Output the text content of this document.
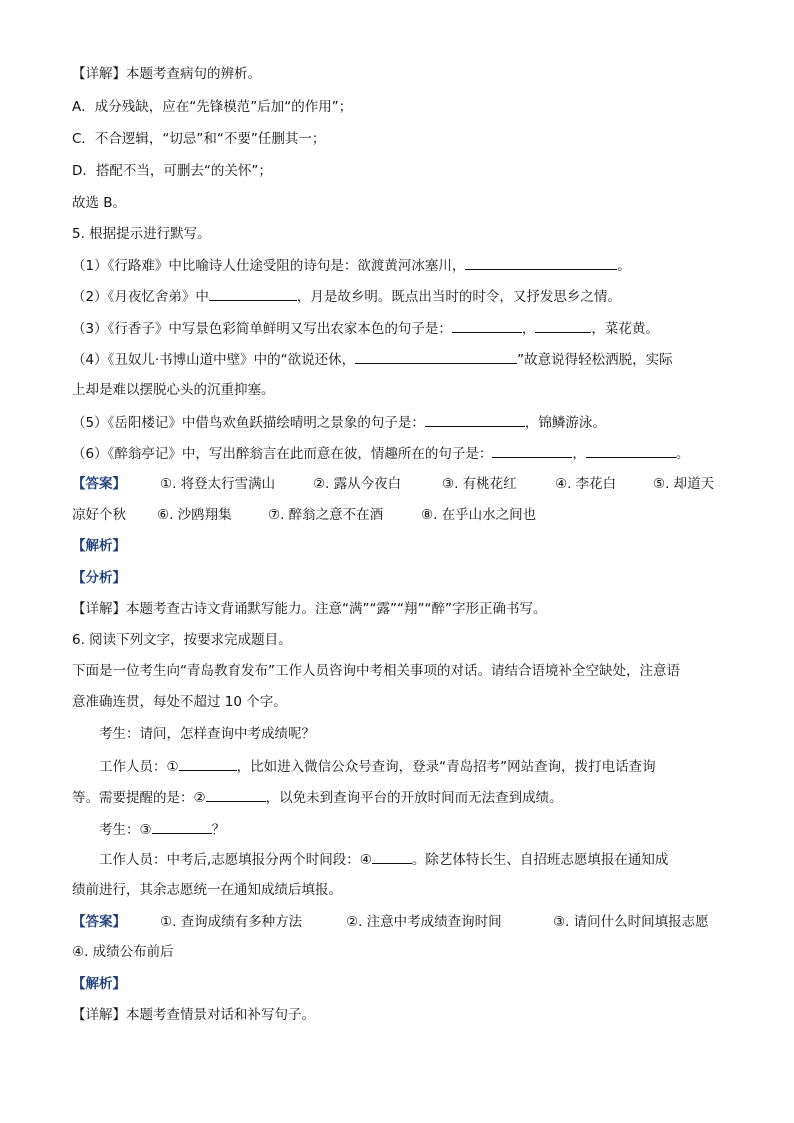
【详解】本题考查病句的辨析。
A．成分残缺，应在“先锋模范”后加“的作用”；
C．不合逻辑，“切忌”和“不要”任删其一；
D．搭配不当，可删去“的关怀”；
故选 B。
5. 根据提示进行默写。
（1）《行路难》中比喻诗人仕途受阻的诗句是：欲渡黄河冰塞川，	。
（2）《月夜忆舍弟》中	，月是故乡明。既点出当时的时令，又抒发思乡之情。
（3）《行香子》中写景色彩简单鲜明又写出农家本色的句子是：	，	，菜花黄。
（4）《丑奴儿·书博山道中壁》中的“欲说还休，	”故意说得轻松洒脱，实际
上却是难以摆脱心头的沉重抑塞。
（5）《岳阳楼记》中借鸟欢鱼跃描绘晴明之景象的句子是：	，锦鳞游泳。
（6）《醉翁亭记》中，写出醉翁言在此而意在彼，情趣所在的句子是：	，	。
【答案】	①. 将登太行雪满山	②. 露从今夜白	③. 有桃花红	④. 李花白	⑤. 却道天
凉好个秋 ⑥. 沙鸥翔集	⑦. 醉翁之意不在酒	⑧. 在乎山水之间也
【解析】
【分析】
【详解】本题考查古诗文背诵默写能力。注意“满”“露”“翔”“醉”字形正确书写。
6. 阅读下列文字，按要求完成题目。
下面是一位考生向“青岛教育发布”工作人员咨询中考相关事项的对话。请结合语境补全空缺处，注意语
意准确连贯，每处不超过 10 个字。
考生：请问，怎样查询中考成绩呢？
工作人员：①	，比如进入微信公众号查询，登录“青岛招考”网站查询，拨打电话查询
等。需要提醒的是：②	，以免未到查询平台的开放时间而无法查到成绩。
考生：③	？
工作人员：中考后,志愿填报分两个时间段：④	。除艺体特长生、自招班志愿填报在通知成
绩前进行，其余志愿统一在通知成绩后填报。
【答案】	①. 查询成绩有多种方法	②. 注意中考成绩查询时间	③. 请问什么时间填报志愿
④. 成绩公布前后
【解析】
【详解】本题考查情景对话和补写句子。
